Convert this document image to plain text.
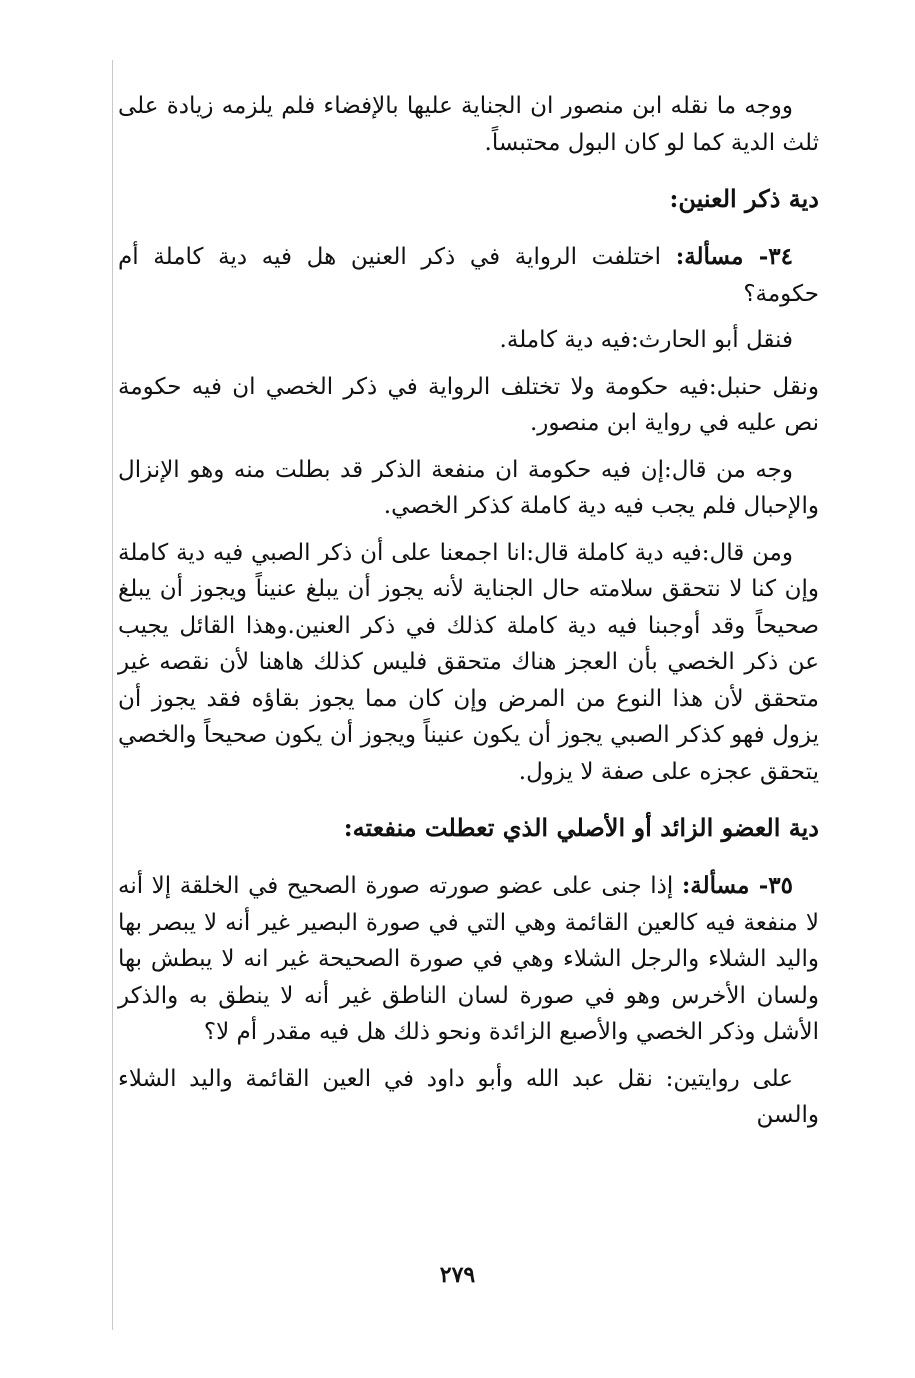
ووجه ما نقله ابن منصور ان الجناية عليها بالإفضاء فلم يلزمه زيادة على ثلث الدية كما لو كان البول محتبساً.

دية ذكر العنين:

٣٤- مسألة: اختلفت الرواية في ذكر العنين هل فيه دية كاملة أم حكومة؟

فنقل أبو الحارث:فيه دية كاملة.

ونقل حنبل:فيه حكومة ولا تختلف الرواية في ذكر الخصي ان فيه حكومة نص عليه في رواية ابن منصور.

وجه من قال:إن فيه حكومة ان منفعة الذكر قد بطلت منه وهو الإنزال والإحبال فلم يجب فيه دية كاملة كذكر الخصي.

ومن قال:فيه دية كاملة قال:انا اجمعنا على أن ذكر الصبي فيه دية كاملة وإن كنا لا نتحقق سلامته حال الجناية لأنه يجوز أن يبلغ عنيناً ويجوز أن يبلغ صحيحاً وقد أوجبنا فيه دية كاملة كذلك في ذكر العنين.وهذا القائل يجيب عن ذكر الخصي بأن العجز هناك متحقق فليس كذلك هاهنا لأن نقصه غير متحقق لأن هذا النوع من المرض وإن كان مما يجوز بقاؤه فقد يجوز أن يزول فهو كذكر الصبي يجوز أن يكون عنيناً ويجوز أن يكون صحيحاً والخصي يتحقق عجزه على صفة لا يزول.

دية العضو الزائد أو الأصلي الذي تعطلت منفعته:

٣٥- مسألة: إذا جنى على عضو صورته صورة الصحيح في الخلقة إلا أنه لا منفعة فيه كالعين القائمة وهي التي في صورة البصير غير أنه لا يبصر بها واليد الشلاء والرجل الشلاء وهي في صورة الصحيحة غير انه لا يبطش بها ولسان الأخرس وهو في صورة لسان الناطق غير أنه لا ينطق به والذكر الأشل وذكر الخصي والأصبع الزائدة ونحو ذلك هل فيه مقدر أم لا؟

على روايتين: نقل عبد الله وأبو داود في العين القائمة واليد الشلاء والسن

٢٧٩
